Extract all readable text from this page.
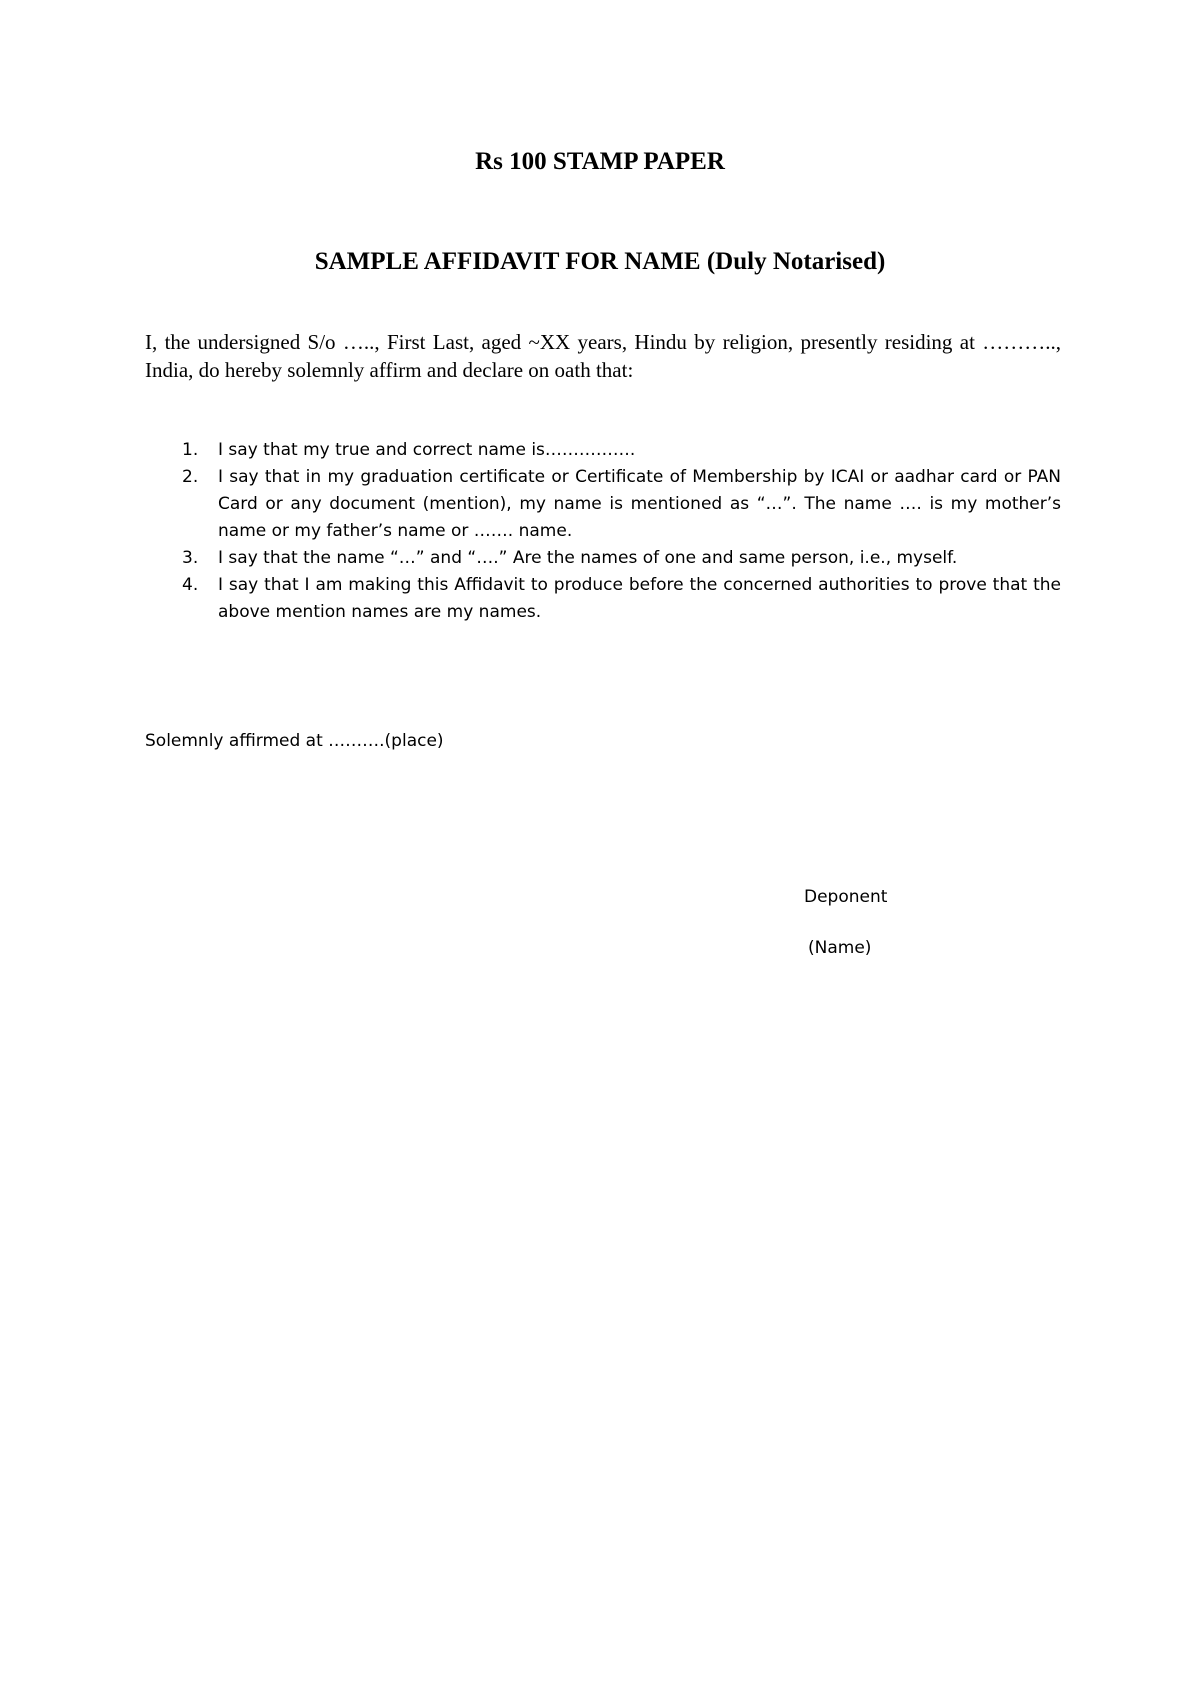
Rs 100 STAMP PAPER
SAMPLE AFFIDAVIT FOR NAME (Duly Notarised)

I, the undersigned S/o ….., First Last, aged ~XX years, Hindu by religion, presently residing at ……….., India, do hereby solemnly affirm and declare on oath that:

1. I say that my true and correct name is…………….
2. I say that in my graduation certificate or Certificate of Membership by ICAI or aadhar card or PAN Card or any document (mention), my name is mentioned as “…”. The name …. is my mother’s name or my father’s name or ……. name.
3. I say that the name “…” and “….” Are the names of one and same person, i.e., myself.
4. I say that I am making this Affidavit to produce before the concerned authorities to prove that the above mention names are my names.

Solemnly affirmed at ……….(place)

Deponent

(Name)
